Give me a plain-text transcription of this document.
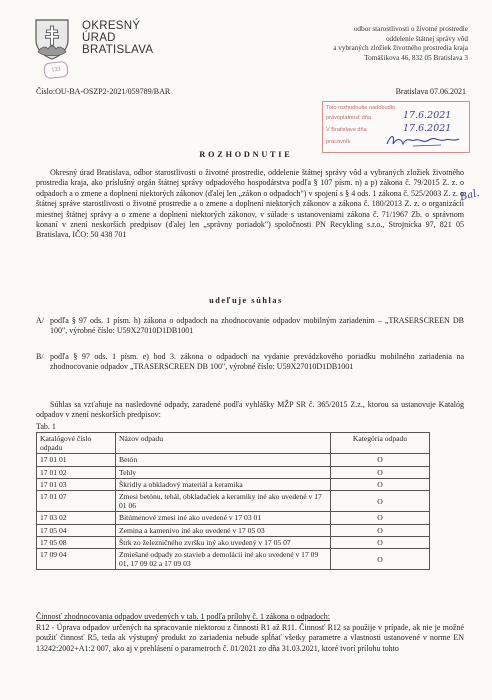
OKRESNÝ
ÚRAD
BRATISLAVA
133
odbor starostlivosti o životné prostredie
oddelenie štátnej správy vôd
a vybraných zložiek životného prostredia kraja
Tomášikova 46, 832 05 Bratislava 3
Číslo:OU-BA-OSZP2-2021/059789/BAR	Bratislava 07.06.2021
Toto rozhodnutie nadobudlo
právoplatnosť dňa	17.6.2021
V Bratislave dňa	17.6.2021
pracovník
Bal.
ROZHODNUTIE
Okresný úrad Bratislava, odbor starostlivosti o životné prostredie, oddelenie štátnej správy vôd a vybraných zložiek životného prostredia kraja, ako príslušný orgán štátnej správy odpadového hospodárstva podľa § 107 písm. n) a p) zákona č. 79/2015 Z. z. o odpadoch a o zmene a doplnení niektorých zákonov (ďalej len „zákon o odpadoch") v spojení s § 4 ods. 1 zákona č. 525/2003 Z. z. o štátnej správe starostlivosti o životné prostredie a o zmene a doplnení niektorých zákonov a zákona č. 180/2013 Z. z. o organizácii miestnej štátnej správy a o zmene a doplnení niektorých zákonov, v súlade s ustanoveniami zákona č. 71/1967 Zb. o správnom konaní v znení neskorších predpisov (ďalej len „správny poriadok") spoločnosti PN Recykling s.r.o., Strojnícka 97, 821 05 Bratislava, IČO: 50 438 701
udeľuje súhlas
A/ podľa § 97 ods. 1 písm. h) zákona o odpadoch na zhodnocovanie odpadov mobilným zariadením – „TRASERSCREEN DB 100", výrobné číslo: U59X27010D1DB1001
B/ podľa § 97 ods. 1 písm. e) bod 3. zákona o odpadoch na vydanie prevádzkového poriadku mobilného zariadenia na zhodnocovanie odpadov „TRASERSCREEN DB 100", výrobné číslo: U59X27010D1DB1001
Súhlas sa vzťahuje na nasledovné odpady, zaradené podľa vyhlášky MŽP SR č. 365/2015 Z.z., ktorou sa ustanovuje Katalóg odpadov v znení neskorších predpisov:
Tab. 1
Katalógové číslo odpadu	Názov odpadu	Kategória odpadu
17 01 01	Betón	O
17 01 02	Tehly	O
17 01 03	Škridly a obkladový materiál a keramika	O
17 01 07	Zmesi betónu, tehál, obkladačiek a keramiky iné ako uvedené v 17 01 06	O
17 03 02	Bitúmenové zmesi iné ako uvedené v 17 03 01	O
17 05 04	Zemina a kamenivo iné ako uvedené v 17 05 03	O
17 05 08	Štrk zo železničného zvršku iný ako uvedený v 17 05 07	O
17 09 04	Zmiešané odpady zo stavieb a demolácií iné ako uvedené v 17 09 01, 17 09 02 a 17 09 03	O
Činnosť zhodnocovania odpadov uvedených v tab. 1 podľa prílohy č. 1 zákona o odpadoch:
R12 - Úprava odpadov určených na spracovanie niektorou z činností R1 až R11. Činnosť R12 sa použije v prípade, ak nie je možné použiť činnosť R5, teda ak výstupný produkt zo zariadenia nebude spĺňať všetky parametre a vlastnosti ustanovené v norme EN 13242:2002+A1:2 007, ako aj v prehlásení o parametroch č. 01/2021 zo dňa 31.03.2021, ktoré tvorí prílohu tohto
